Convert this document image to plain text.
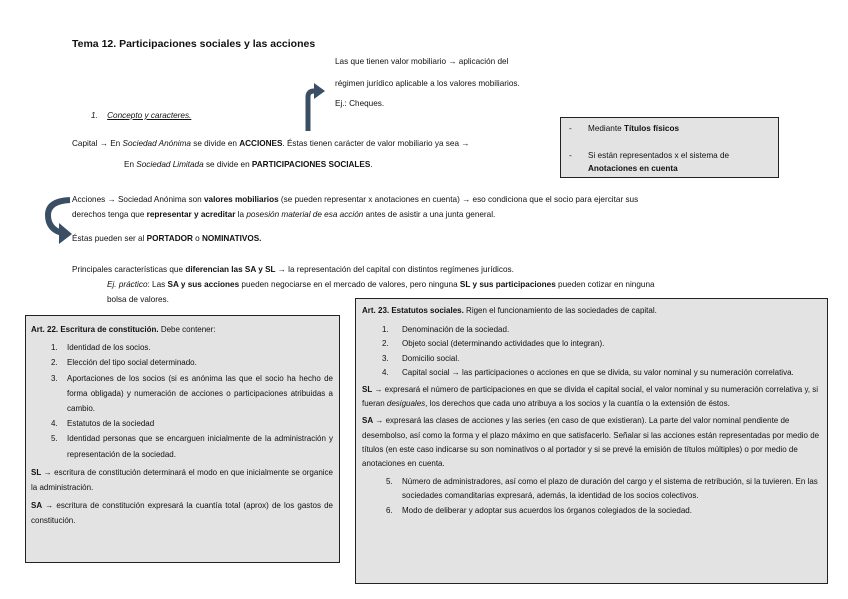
Tema 12. Participaciones sociales y las acciones
Las que tienen valor mobiliario → aplicación del
régimen jurídico aplicable a los valores mobiliarios.
Ej.: Cheques.
1. Concepto y caracteres.
Capital → En Sociedad Anónima se divide en ACCIONES. Éstas tienen carácter de valor mobiliario ya sea →
En Sociedad Limitada se divide en PARTICIPACIONES SOCIALES.
- Mediante Títulos físicos
- Si están representados x el sistema de
Anotaciones en cuenta
Acciones → Sociedad Anónima son valores mobiliarios (se pueden representar x anotaciones en cuenta) → eso condiciona que el socio para ejercitar sus
derechos tenga que representar y acreditar la posesión material de esa acción antes de asistir a una junta general.
Éstas pueden ser al PORTADOR o NOMINATIVOS.
Principales características que diferencian las SA y SL → la representación del capital con distintos regímenes jurídicos.
Ej. práctico: Las SA y sus acciones pueden negociarse en el mercado de valores, pero ninguna SL y sus participaciones pueden cotizar en ninguna
bolsa de valores.

Art. 22. Escritura de constitución. Debe contener:

1. Identidad de los socios.
2. Elección del tipo social determinado.
3. Aportaciones de los socios (si es anónima las que el socio ha hecho de forma obligada) y numeración de acciones o participaciones atribuidas a cambio.
4. Estatutos de la sociedad
5. Identidad personas que se encarguen inicialmente de la administración y representación de la sociedad.

SL → escritura de constitución determinará el modo en que inicialmente se organice la administración.

SA → escritura de constitución expresará la cuantía total (aprox) de los gastos de constitución.

Art. 23. Estatutos sociales. Rigen el funcionamiento de las sociedades de capital.

1. Denominación de la sociedad.
2. Objeto social (determinando actividades que lo integran).
3. Domicilio social.
4. Capital social → las participaciones o acciones en que se divida, su valor nominal y su numeración correlativa.

SL → expresará el número de participaciones en que se divida el capital social, el valor nominal y su numeración correlativa y, si fueran desiguales, los derechos que cada uno atribuya a los socios y la cuantía o la extensión de éstos.

SA → expresará las clases de acciones y las series (en caso de que existieran). La parte del valor nominal pendiente de desembolso, así como la forma y el plazo máximo en que satisfacerlo. Señalar si las acciones están representadas por medio de títulos (en este caso indicarse su son nominativos o al portador y si se prevé la emisión de títulos múltiples) o por medio de anotaciones en cuenta.

5. Número de administradores, así como el plazo de duración del cargo y el sistema de retribución, si la tuvieren. En las sociedades comanditarias expresará, además, la identidad de los socios colectivos.
6. Modo de deliberar y adoptar sus acuerdos los órganos colegiados de la sociedad.
